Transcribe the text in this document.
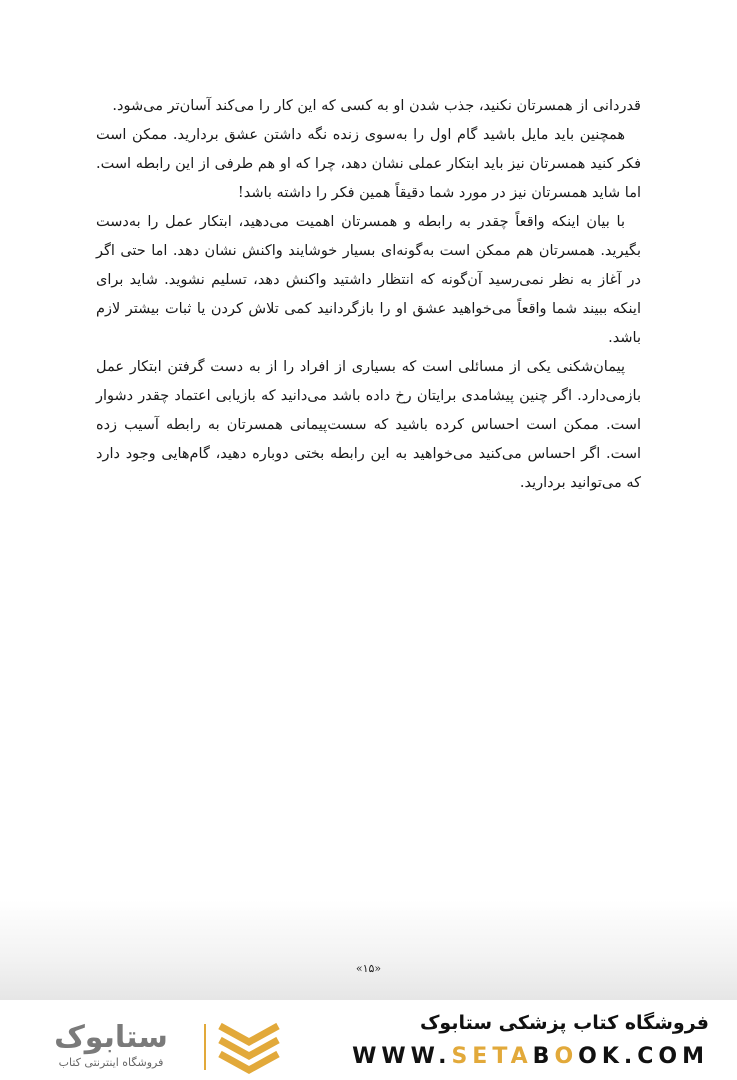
قدردانی از همسرتان نکنید، جذب شدن او به کسی که این کار را می‌کند آسان‌تر می‌شود.

همچنین باید مایل باشید گام اول را به‌سوی زنده نگه داشتن عشق بردارید. ممکن است فکر کنید همسرتان نیز باید ابتکار عملی نشان دهد، چرا که او هم طرفی از این رابطه است. اما شاید همسرتان نیز در مورد شما دقیقاً همین فکر را داشته باشد!

با بیان اینکه واقعاً چقدر به رابطه و همسرتان اهمیت می‌دهید، ابتکار عمل را به‌دست بگیرید. همسرتان هم ممکن است به‌گونه‌ای بسیار خوشایند واکنش نشان دهد. اما حتی اگر در آغاز به نظر نمی‌رسید آن‌گونه که انتظار داشتید واکنش دهد، تسلیم نشوید. شاید برای اینکه ببیند شما واقعاً می‌خواهید عشق او را بازگردانید کمی تلاش کردن یا ثبات بیشتر لازم باشد.

پیمان‌شکنی یکی از مسائلی است که بسیاری از افراد را از به دست گرفتن ابتکار عمل بازمی‌دارد. اگر چنین پیشامدی برایتان رخ داده باشد می‌دانید که بازیابی اعتماد چقدر دشوار است. ممکن است احساس کرده باشید که سست‌پیمانی همسرتان به رابطه آسیب زده است. اگر احساس می‌کنید می‌خواهید به این رابطه بختی دوباره دهید، گام‌هایی وجود دارد که می‌توانید بردارید.

«۱۵»
ستابوک
فروشگاه اینترنتی کتاب
فروشگاه کتاب پزشکی ستابوک
WWW.SETABOOK.COM
